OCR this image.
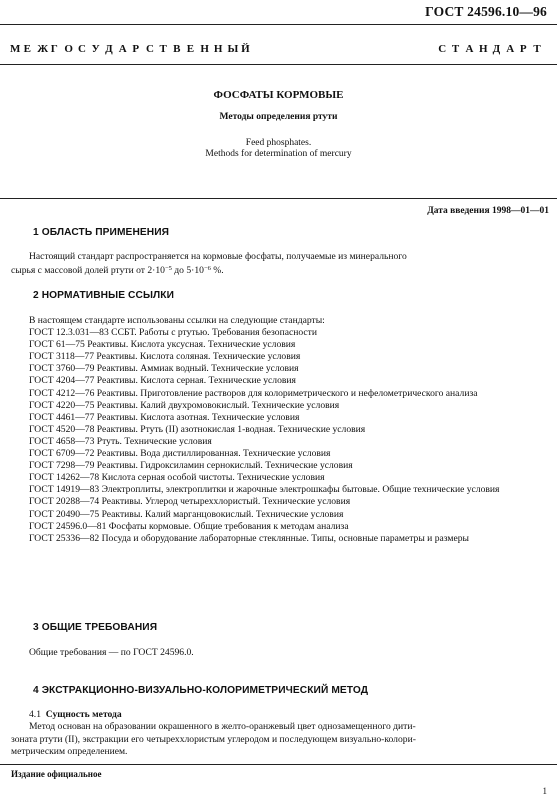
ГОСТ 24596.10—96
М Е Ж Г О С У Д А Р С Т В Е Н Н Ы Й	С Т А Н Д А Р Т
ФОСФАТЫ КОРМОВЫЕ
Методы определения ртути
Feed phosphates.
Methods for determination of mercury
Дата введения 1998—01—01
1 ОБЛАСТЬ ПРИМЕНЕНИЯ
Настоящий стандарт распространяется на кормовые фосфаты, получаемые из минерального
сырья с массовой долей ртути от $2\cdot 10^{-5}$ до $5\cdot 10^{-6}$ %.
2 НОРМАТИВНЫЕ ССЫЛКИ
В настоящем стандарте использованы ссылки на следующие стандарты:
ГОСТ 12.3.031—83 ССБТ. Работы с ртутью. Требования безопасности
ГОСТ 61—75 Реактивы. Кислота уксусная. Технические условия
ГОСТ 3118—77 Реактивы. Кислота соляная. Технические условия
ГОСТ 3760—79 Реактивы. Аммиак водный. Технические условия
ГОСТ 4204—77 Реактивы. Кислота серная. Технические условия
ГОСТ 4212—76 Реактивы. Приготовление растворов для колориметрического и нефелометрического анализа
ГОСТ 4220—75 Реактивы. Калий двухромовокислый. Технические условия
ГОСТ 4461—77 Реактивы. Кислота азотная. Технические условия
ГОСТ 4520—78 Реактивы. Ртуть (II) азотнокислая 1-водная. Технические условия
ГОСТ 4658—73 Ртуть. Технические условия
ГОСТ 6709—72 Реактивы. Вода дистиллированная. Технические условия
ГОСТ 7298—79 Реактивы. Гидроксиламин сернокислый. Технические условия
ГОСТ 14262—78 Кислота серная особой чистоты. Технические условия
ГОСТ 14919—83 Электроплиты, электроплитки и жарочные электрошкафы бытовые. Общие технические условия
ГОСТ 20288—74 Реактивы. Углерод четыреххлористый. Технические условия
ГОСТ 20490—75 Реактивы. Калий марганцовокислый. Технические условия
ГОСТ 24596.0—81 Фосфаты кормовые. Общие требования к методам анализа
ГОСТ 25336—82 Посуда и оборудование лабораторные стеклянные. Типы, основные параметры и размеры
3 ОБЩИЕ ТРЕБОВАНИЯ
Общие требования — по ГОСТ 24596.0.
4 ЭКСТРАКЦИОННО-ВИЗУАЛЬНО-КОЛОРИМЕТРИЧЕСКИЙ МЕТОД
4.1 Сущность метода
Метод основан на образовании окрашенного в желто-оранжевый цвет однозамещенного дити-
зоната ртути (II), экстракции его четыреххлористым углеродом и последующем визуально-колори-
метрическим определением.
Издание официальное
1
